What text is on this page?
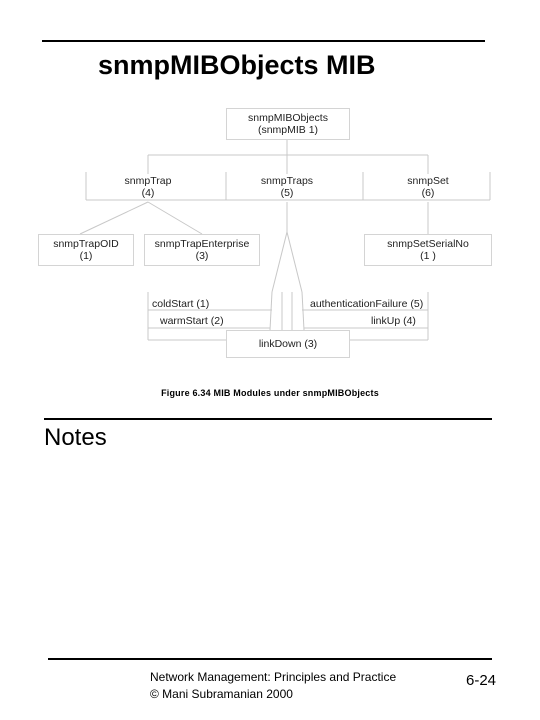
snmpMIBObjects MIB
snmpMIBObjects
(snmpMIB 1)
snmpTrap
(4)
snmpTraps
(5)
snmpSet
(6)
snmpTrapOID
(1)
snmpTrapEnterprise
(3)
snmpSetSerialNo
(1 )
coldStart (1)
warmStart (2)
authenticationFailure (5)
linkUp (4)
linkDown (3)
Figure 6.34 MIB Modules under snmpMIBObjects
Notes
Network Management: Principles and Practice
© Mani Subramanian 2000
6-24
